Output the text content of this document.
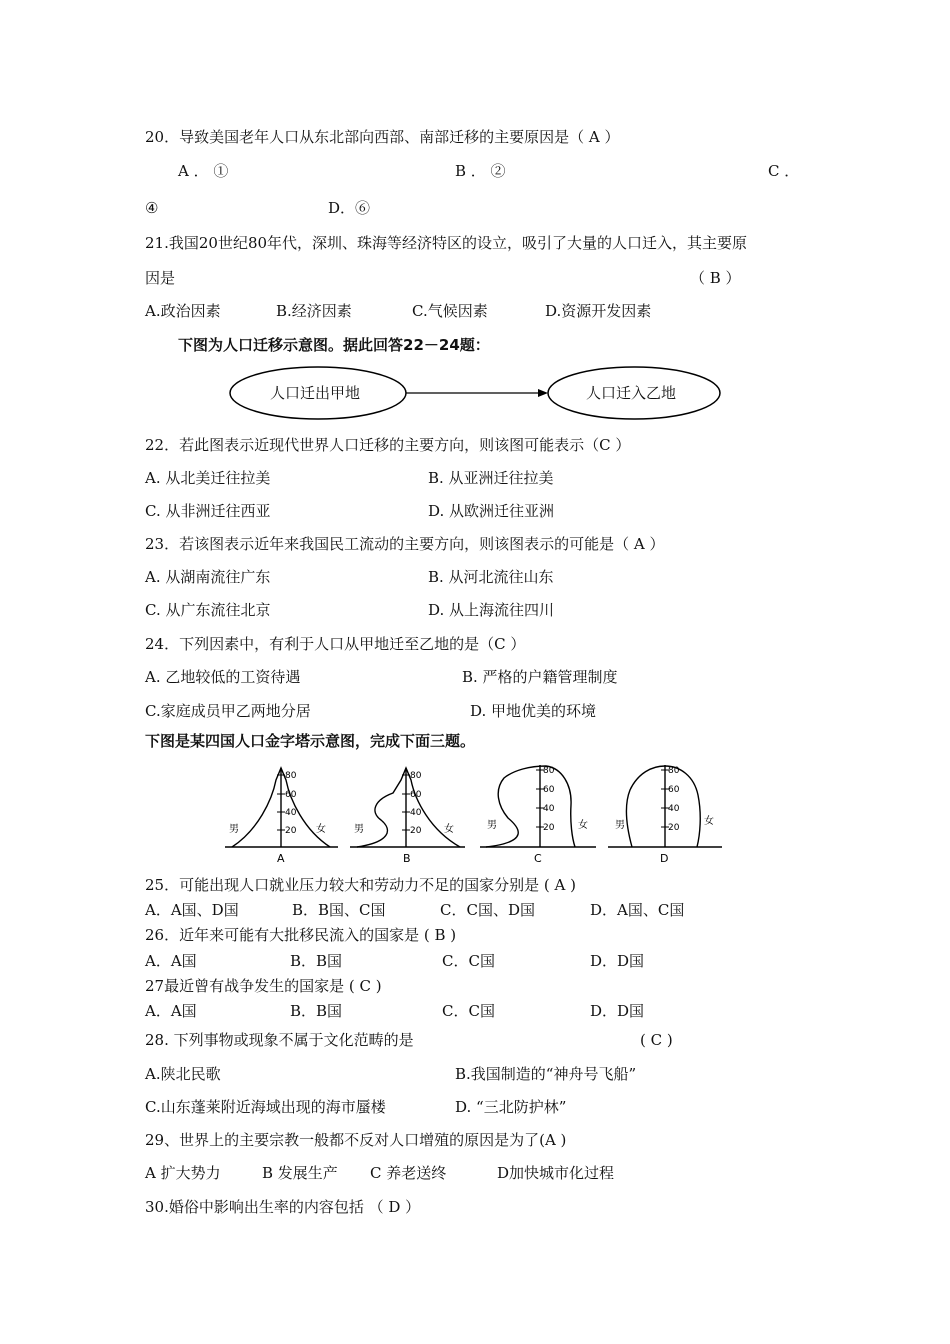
20．导致美国老年人口从东北部向西部、南部迁移的主要原因是（ A ）
A ． ①	B ． ②	C ．
④	D．⑥
21.我国20世纪80年代，深圳、珠海等经济特区的设立，吸引了大量的人口迁入，其主要原
因是	（ B ）
A.政治因素	B.经济因素	C.气候因素	D.资源开发因素
下图为人口迁移示意图。据此回答22－24题：
人口迁出甲地	人口迁入乙地
22．若此图表示近现代世界人口迁移的主要方向，则该图可能表示（C ）
A. 从北美迁往拉美	B. 从亚洲迁往拉美
C. 从非洲迁往西亚	D. 从欧洲迁往亚洲
23．若该图表示近年来我国民工流动的主要方向，则该图表示的可能是（ A ）
A. 从湖南流往广东	B. 从河北流往山东
C. 从广东流往北京	D. 从上海流往四川
24．下列因素中，有利于人口从甲地迁至乙地的是（C ）
A. 乙地较低的工资待遇	B. 严格的户籍管理制度
C.家庭成员甲乙两地分居	D. 甲地优美的环境
下图是某四国人口金字塔示意图，完成下面三题。
80
60
40
20
80
60
40
20
80
60
40
20
80
60
40
20
男	女	男	女	男	女	男	女
A	B	C	D
25．可能出现人口就业压力较大和劳动力不足的国家分别是 ( A )
A．A国、D国	B．B国、C国	C．C国、D国	D．A国、C国
26．近年来可能有大批移民流入的国家是 ( B )
A．A国	B．B国	C．C国	D．D国
27最近曾有战争发生的国家是 ( C )
A．A国	B．B国	C．C国	D．D国
28. 下列事物或现象不属于文化范畴的是	( C )
A.陕北民歌	B.我国制造的“神舟号飞船”
C.山东蓬莱附近海域出现的海市蜃楼	D. “三北防护林”
29、世界上的主要宗教一般都不反对人口增殖的原因是为了(A )
A 扩大势力	B 发展生产 C 养老送终	D加快城市化过程
30.婚俗中影响出生率的内容包括 （ D ）
